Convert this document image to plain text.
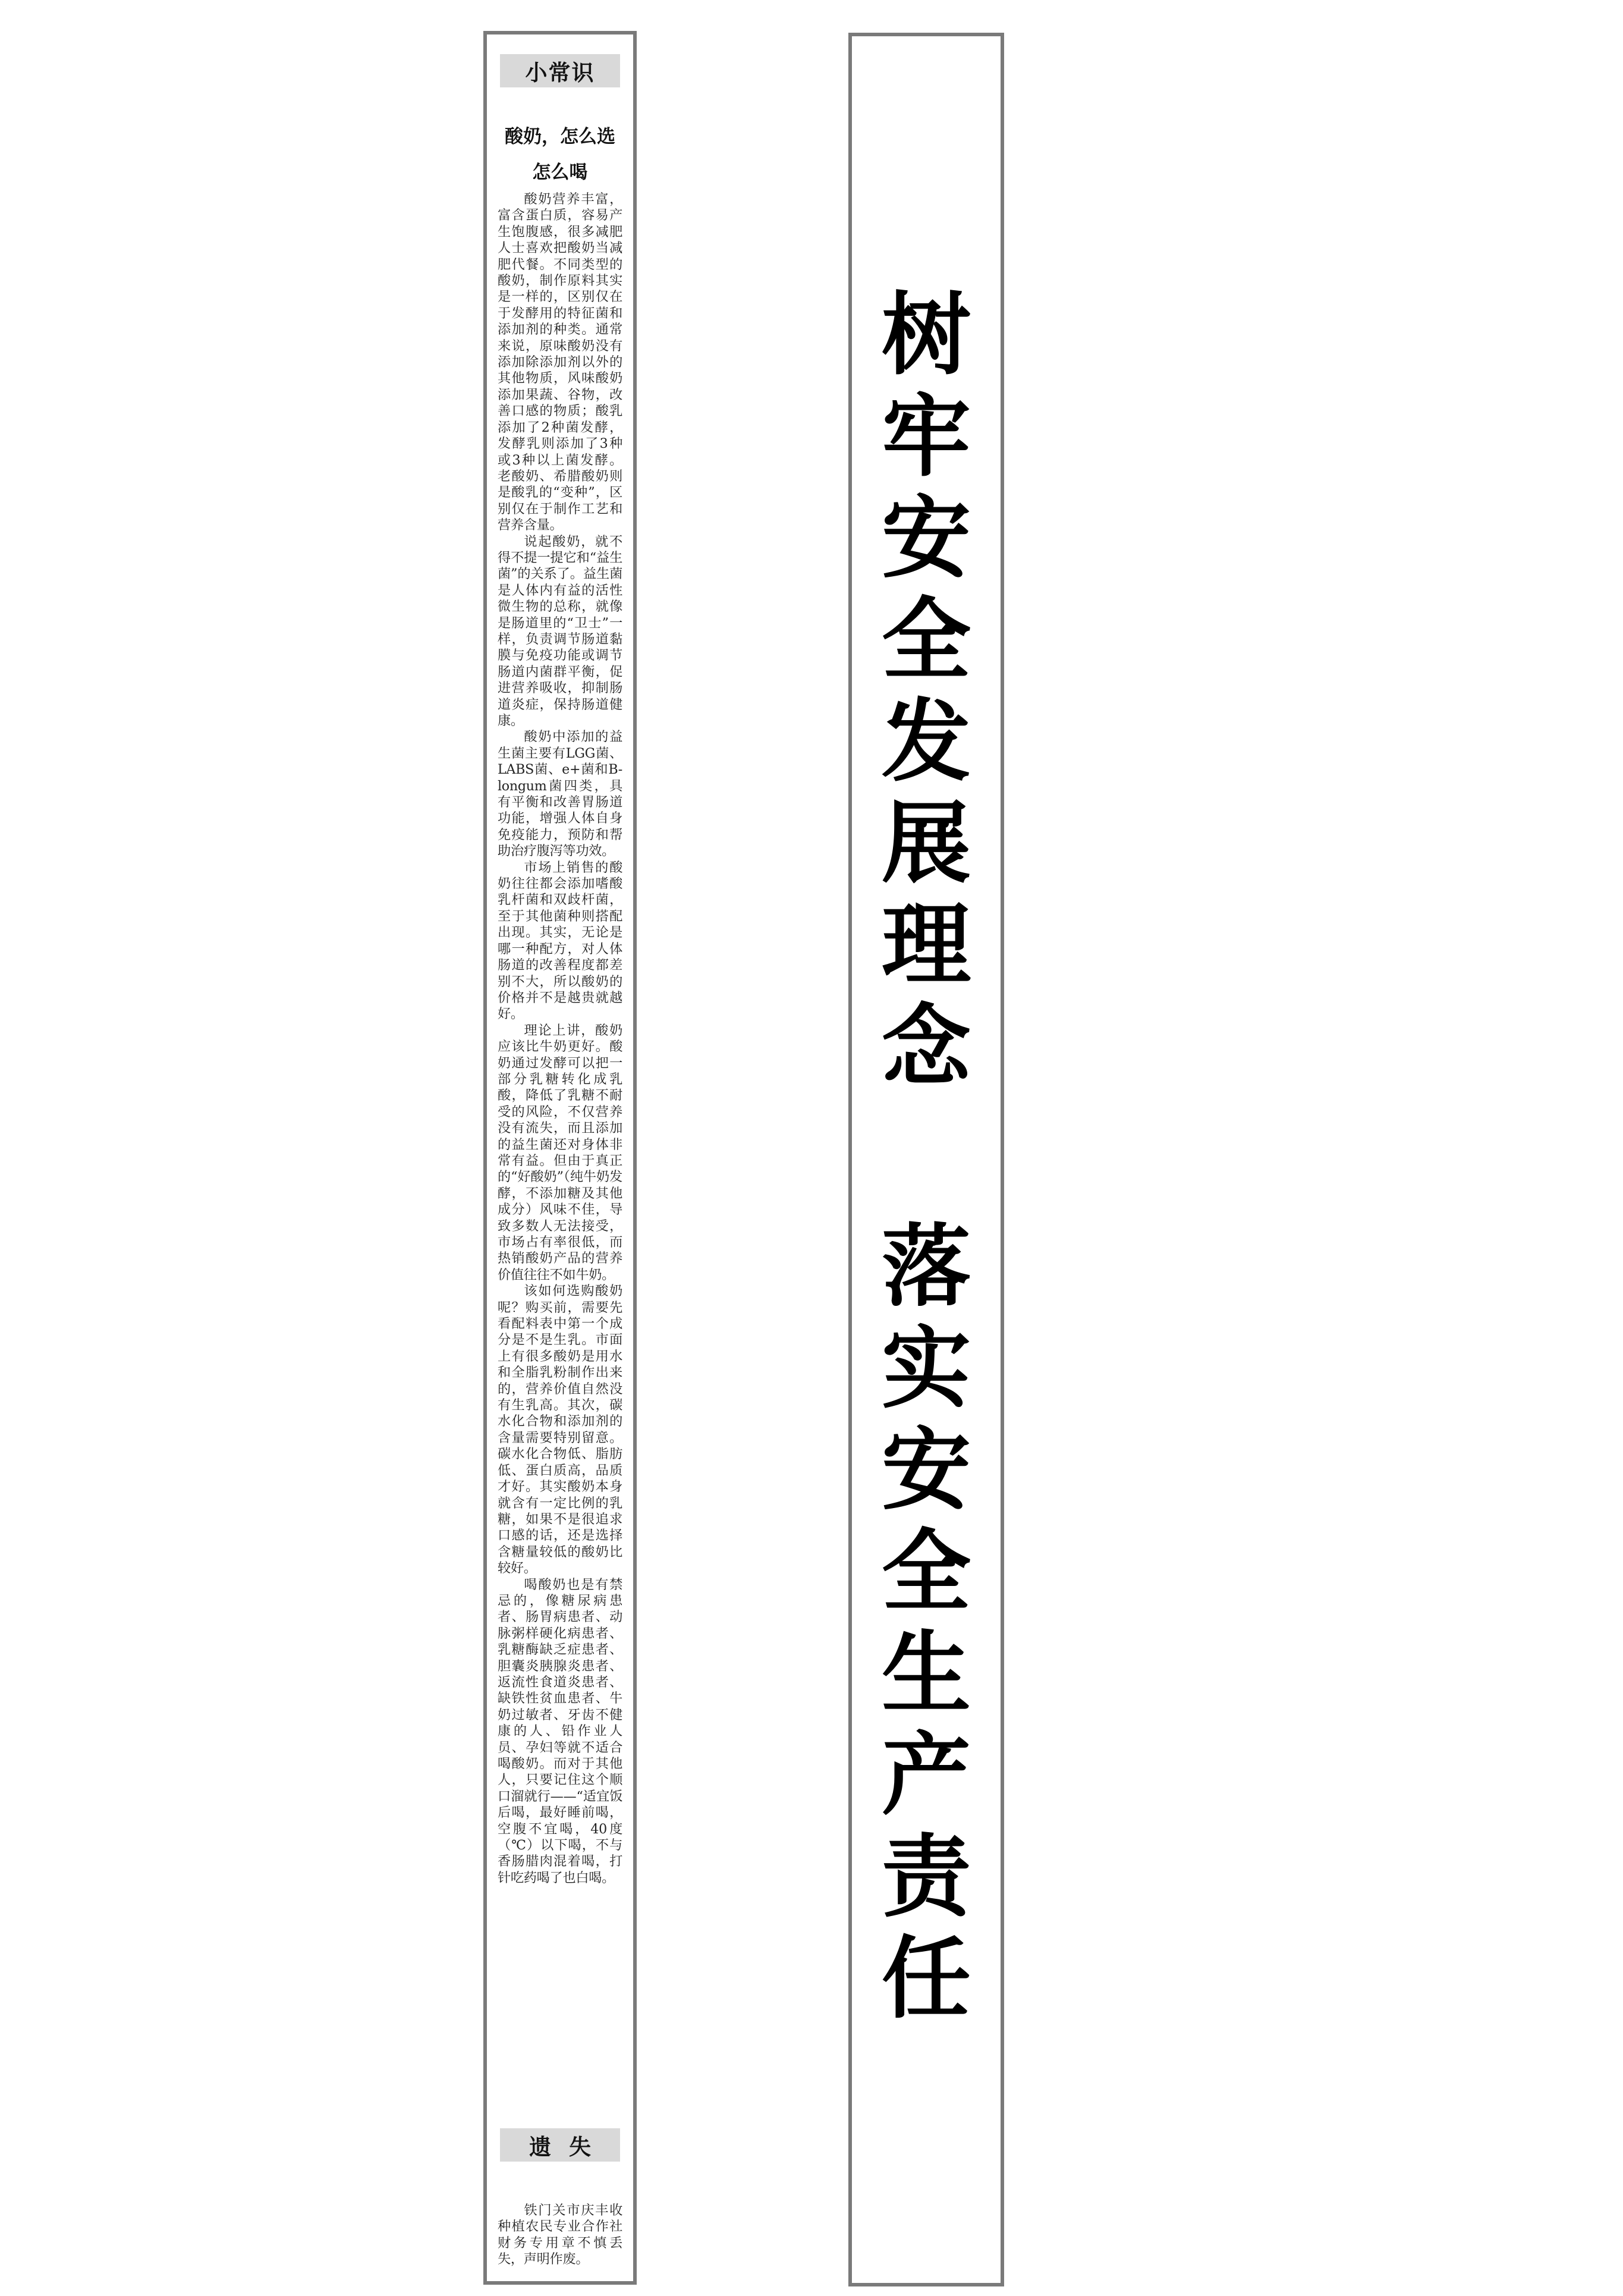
小常识
酸奶，怎么选
怎么喝

酸奶营养丰富，富含蛋白质，容易产生饱腹感，很多减肥人士喜欢把酸奶当减肥代餐。不同类型的酸奶，制作原料其实是一样的，区别仅在于发酵用的特征菌和添加剂的种类。通常来说，原味酸奶没有添加除添加剂以外的其他物质，风味酸奶添加果蔬、谷物，改善口感的物质；酸乳添加了2种菌发酵，发酵乳则添加了3种或3种以上菌发酵。老酸奶、希腊酸奶则是酸乳的“变种”，区别仅在于制作工艺和营养含量。

说起酸奶，就不得不提一提它和“益生菌”的关系了。益生菌是人体内有益的活性微生物的总称，就像是肠道里的“卫士”一样，负责调节肠道黏膜与免疫功能或调节肠道内菌群平衡，促进营养吸收，抑制肠道炎症，保持肠道健康。

酸奶中添加的益生菌主要有LGG菌、LABS菌、e+菌和B-longum菌四类，具有平衡和改善胃肠道功能，增强人体自身免疫能力，预防和帮助治疗腹泻等功效。

市场上销售的酸奶往往都会添加嗜酸乳杆菌和双歧杆菌，至于其他菌种则搭配出现。其实，无论是哪一种配方，对人体肠道的改善程度都差别不大，所以酸奶的价格并不是越贵就越好。

理论上讲，酸奶应该比牛奶更好。酸奶通过发酵可以把一部分乳糖转化成乳酸，降低了乳糖不耐受的风险，不仅营养没有流失，而且添加的益生菌还对身体非常有益。但由于真正的“好酸奶”（纯牛奶发酵，不添加糖及其他成分）风味不佳，导致多数人无法接受，市场占有率很低，而热销酸奶产品的营养价值往往不如牛奶。

该如何选购酸奶呢？购买前，需要先看配料表中第一个成分是不是生乳。市面上有很多酸奶是用水和全脂乳粉制作出来的，营养价值自然没有生乳高。其次，碳水化合物和添加剂的含量需要特别留意。碳水化合物低、脂肪低、蛋白质高，品质才好。其实酸奶本身就含有一定比例的乳糖，如果不是很追求口感的话，还是选择含糖量较低的酸奶比较好。

喝酸奶也是有禁忌的，像糖尿病患者、肠胃病患者、动脉粥样硬化病患者、乳糖酶缺乏症患者、胆囊炎胰腺炎患者、返流性食道炎患者、缺铁性贫血患者、牛奶过敏者、牙齿不健康的人、铅作业人员、孕妇等就不适合喝酸奶。而对于其他人，只要记住这个顺口溜就行——“适宜饭后喝，最好睡前喝，空腹不宜喝，40度（℃）以下喝，不与香肠腊肉混着喝，打针吃药喝了也白喝。

遗失

铁门关市庆丰收种植农民专业合作社财务专用章不慎丢失，声明作废。

树
牢
安
全
发
展
理
念
落
实
安
全
生
产
责
任
